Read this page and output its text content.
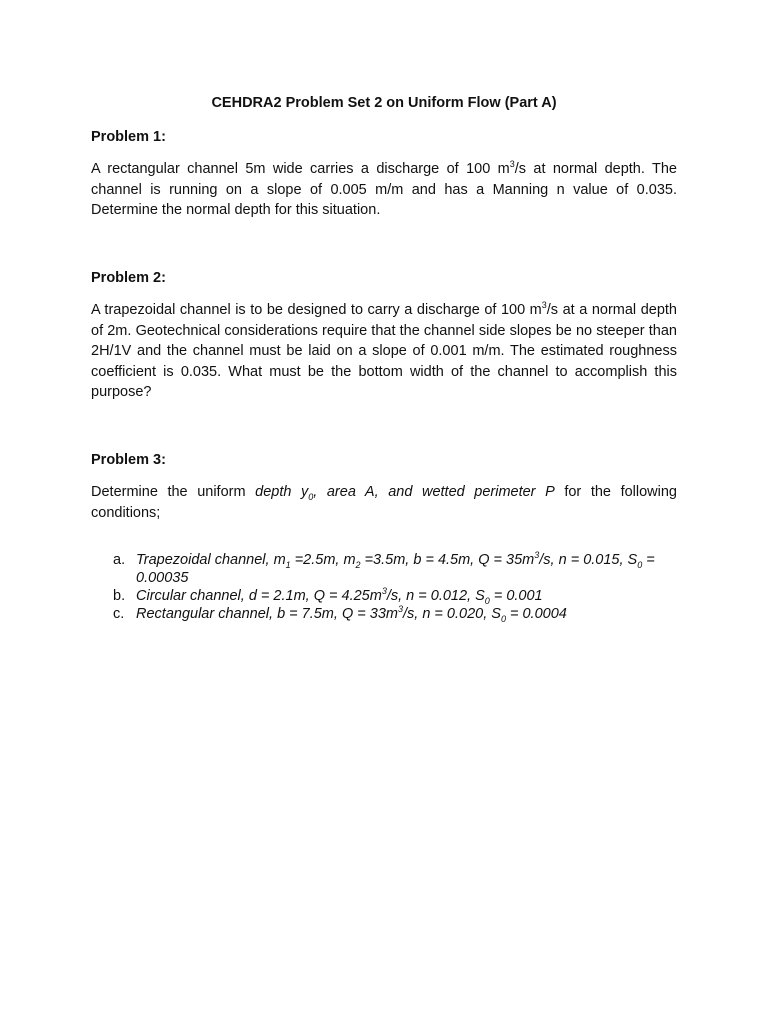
CEHDRA2 Problem Set 2 on Uniform Flow (Part A)
Problem 1:
A rectangular channel 5m wide carries a discharge of 100 $m^3/s$ at normal depth. The channel is running on a slope of 0.005 m/m and has a Manning n value of 0.035. Determine the normal depth for this situation.
Problem 2:
A trapezoidal channel is to be designed to carry a discharge of 100 $m^3/s$ at a normal depth of 2m. Geotechnical considerations require that the channel side slopes be no steeper than 2H/1V and the channel must be laid on a slope of 0.001 m/m. The estimated roughness coefficient is 0.035. What must be the bottom width of the channel to accomplish this purpose?
Problem 3:
Determine the uniform depth $y_0$, area A, and wetted perimeter P for the following conditions;
a. Trapezoidal channel, $m_1 =2.5m$, $m_2 =3.5m$, b = 4.5m, $Q = 35m^3/s$, n = 0.015, $S_0 = 0.00035$
b. Circular channel, d = 2.1m, $Q = 4.25m^3/s$, n = 0.012, $S_0 = 0.001$
c. Rectangular channel, b = 7.5m, $Q = 33m^3/s$, n = 0.020, $S_0 = 0.0004$
